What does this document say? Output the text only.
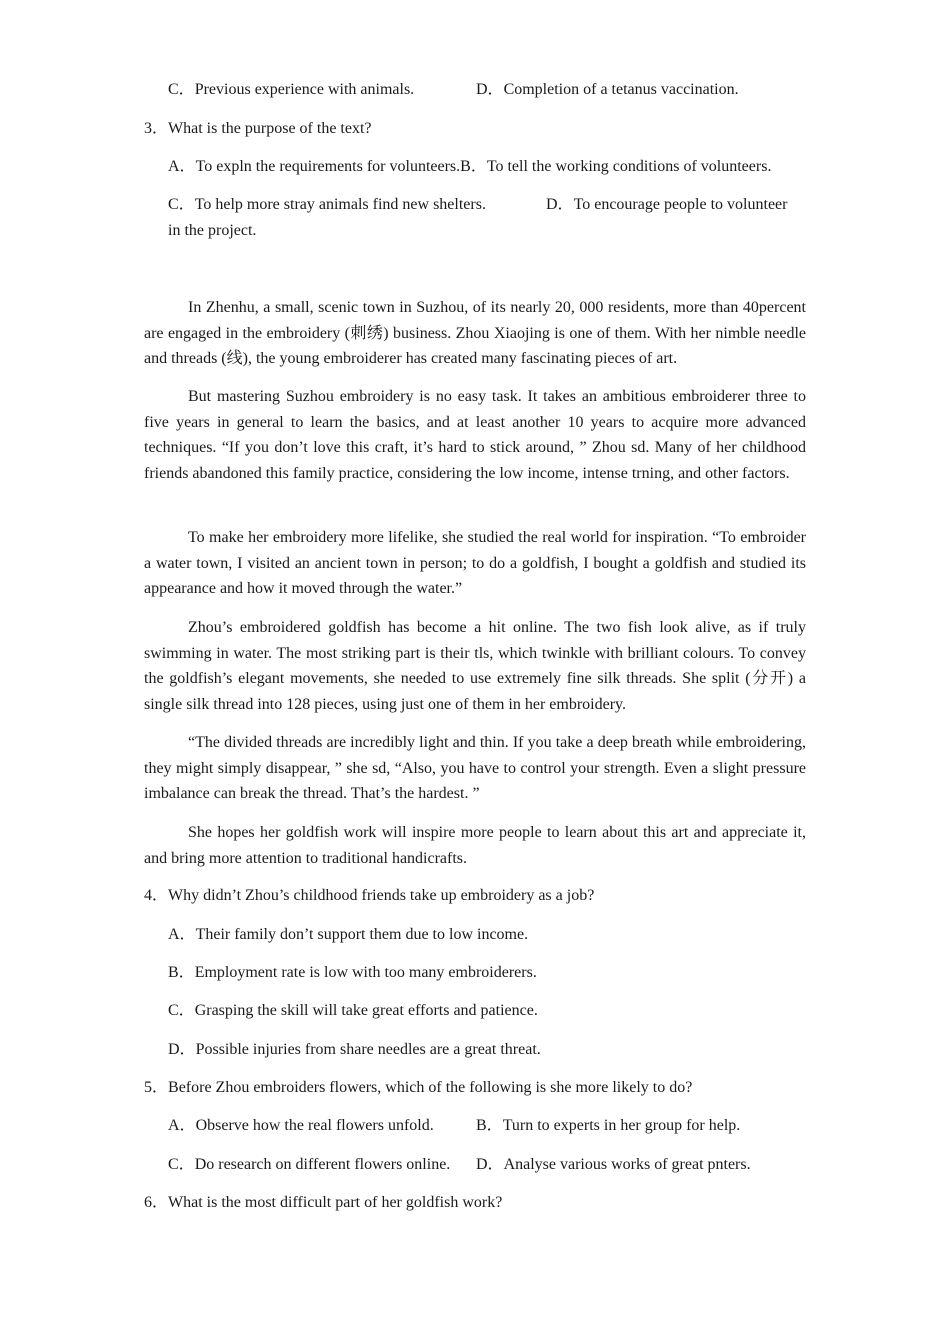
C．Previous experience with animals.	D．Completion of a tetanus vaccination.
3．What is the purpose of the text?
A．To expln the requirements for volunteers.B．To tell the working conditions of volunteers.
C．To help more stray animals find new shelters.	D．To encourage people to volunteer
in the project.

In Zhenhu, a small, scenic town in Suzhou, of its nearly 20, 000 residents, more than 40percent are engaged in the embroidery (刺绣) business. Zhou Xiaojing is one of them. With her nimble needle and threads (线), the young embroiderer has created many fascinating pieces of art.

But mastering Suzhou embroidery is no easy task. It takes an ambitious embroiderer three to five years in general to learn the basics, and at least another 10 years to acquire more advanced techniques. “If you don’t love this craft, it’s hard to stick around, ” Zhou sd. Many of her childhood friends abandoned this family practice, considering the low income, intense trning, and other factors.

To make her embroidery more lifelike, she studied the real world for inspiration. “To embroider a water town, I visited an ancient town in person; to do a goldfish, I bought a goldfish and studied its appearance and how it moved through the water.”

Zhou’s embroidered goldfish has become a hit online. The two fish look alive, as if truly swimming in water. The most striking part is their tls, which twinkle with brilliant colours. To convey the goldfish’s elegant movements, she needed to use extremely fine silk threads. She split (分开) a single silk thread into 128 pieces, using just one of them in her embroidery.

“The divided threads are incredibly light and thin. If you take a deep breath while embroidering, they might simply disappear, ” she sd, “Also, you have to control your strength. Even a slight pressure imbalance can break the thread. That’s the hardest. ”

She hopes her goldfish work will inspire more people to learn about this art and appreciate it, and bring more attention to traditional handicrafts.

4．Why didn’t Zhou’s childhood friends take up embroidery as a job?
A．Their family don’t support them due to low income.
B．Employment rate is low with too many embroiderers.
C．Grasping the skill will take great efforts and patience.
D．Possible injuries from share needles are a great threat.
5．Before Zhou embroiders flowers, which of the following is she more likely to do?
A．Observe how the real flowers unfold.	B．Turn to experts in her group for help.
C．Do research on different flowers online. D．Analyse various works of great pnters.
6．What is the most difficult part of her goldfish work?
